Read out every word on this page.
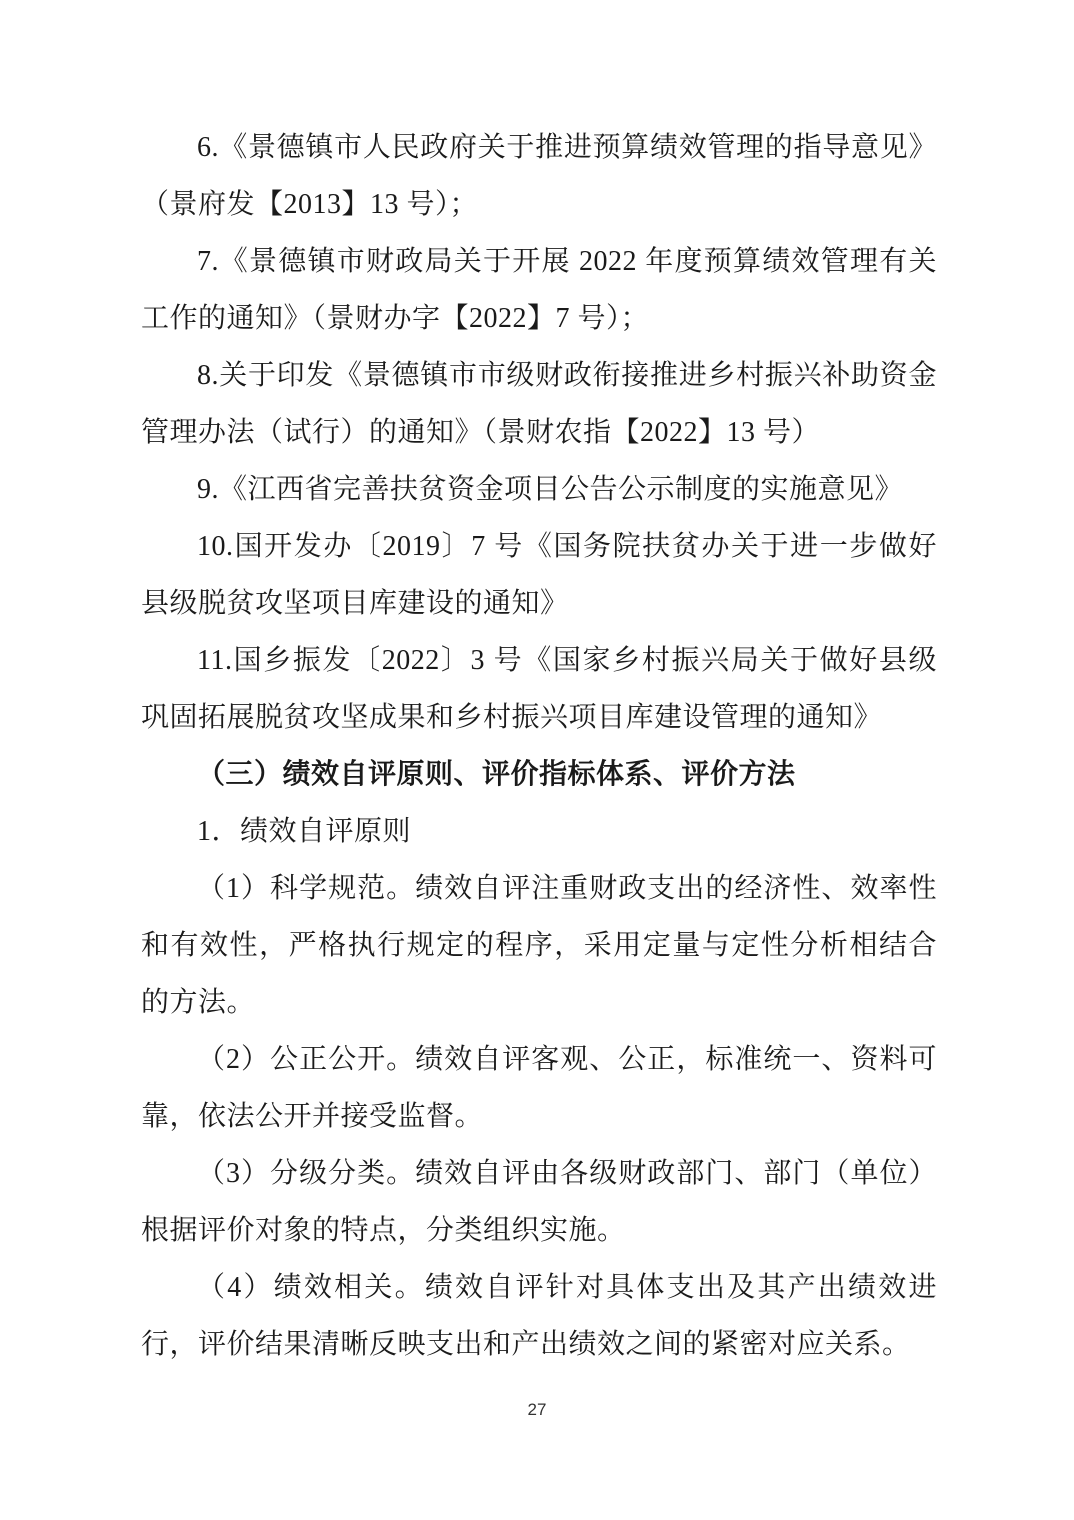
6.《景德镇市人民政府关于推进预算绩效管理的指导意见》（景府发【2013】13 号）；

7.《景德镇市财政局关于开展 2022 年度预算绩效管理有关工作的通知》（景财办字【2022】7 号）；

8.关于印发《景德镇市市级财政衔接推进乡村振兴补助资金管理办法（试行）的通知》（景财农指【2022】13 号）

9.《江西省完善扶贫资金项目公告公示制度的实施意见》

10.国开发办〔2019〕7 号《国务院扶贫办关于进一步做好县级脱贫攻坚项目库建设的通知》

11.国乡振发〔2022〕3 号《国家乡村振兴局关于做好县级巩固拓展脱贫攻坚成果和乡村振兴项目库建设管理的通知》

（三）绩效自评原则、评价指标体系、评价方法

1．绩效自评原则

（1）科学规范。绩效自评注重财政支出的经济性、效率性和有效性，严格执行规定的程序，采用定量与定性分析相结合的方法。

（2）公正公开。绩效自评客观、公正，标准统一、资料可靠，依法公开并接受监督。

（3）分级分类。绩效自评由各级财政部门、部门（单位）根据评价对象的特点，分类组织实施。

（4）绩效相关。绩效自评针对具体支出及其产出绩效进行，评价结果清晰反映支出和产出绩效之间的紧密对应关系。

27
